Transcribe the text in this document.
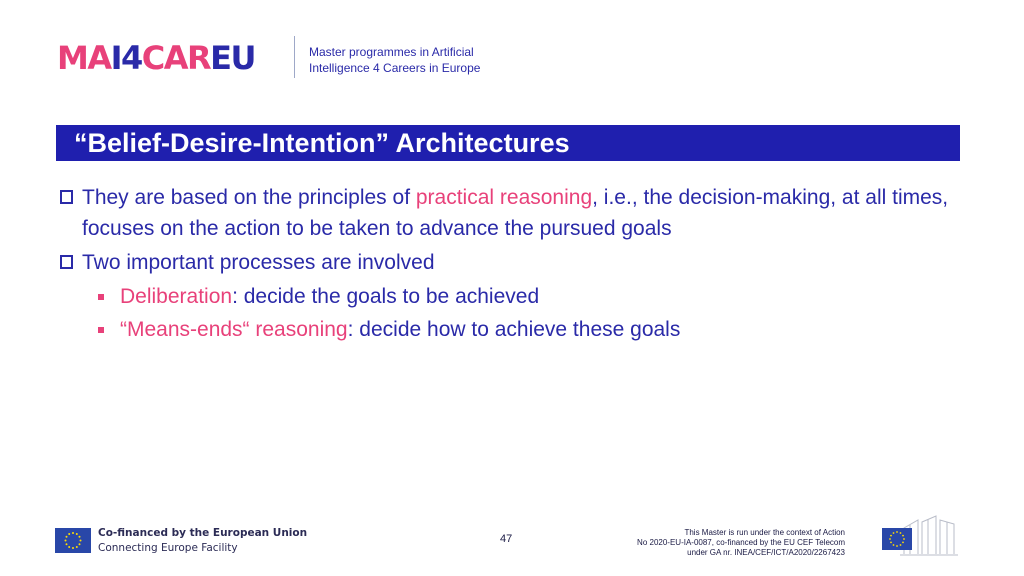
MAI4CAREU	Master programmes in Artificial
Intelligence 4 Careers in Europe
“Belief-Desire-Intention” Architectures
They are based on the principles of practical reasoning, i.e., the decision-making, at all times, focuses on the action to be taken to advance the pursued goals
Two important processes are involved
Deliberation: decide the goals to be achieved
“Means-ends“ reasoning: decide how to achieve these goals
Co-financed by the European Union
Connecting Europe Facility
47
This Master is run under the context of Action
No 2020-EU-IA-0087, co-financed by the EU CEF Telecom
under GA nr. INEA/CEF/ICT/A2020/2267423
